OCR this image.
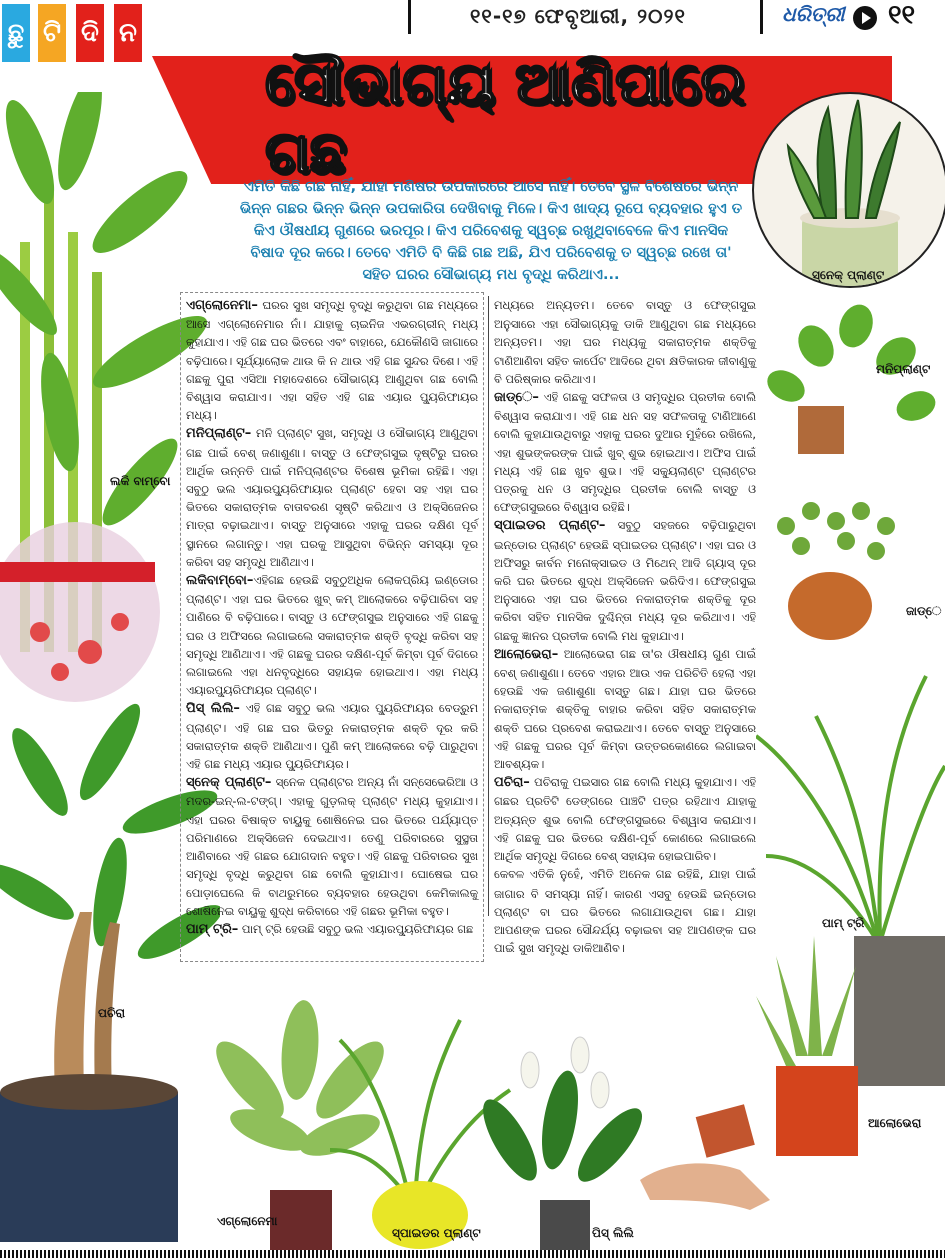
ଛୁ ଟି ଦି ନ
୧୧-୧୭ ଫେବୃଆରୀ, ୨୦୨୧	ଧରିତ୍ରୀ ୧୧
ସୌଭାଗ୍ୟ ଆଣିପାରେ ଗଛ
ସ୍ନେକ୍ ପ୍ଲାଣ୍ଟ
ଏମିତି କିଛି ଗଛ ନାହିଁ, ଯାହା ମଣିଷର ଉପକାରରେ ଆସେ ନାହିଁ। ତେବେ ସ୍ଥଳ ବିଶେଷରେ ଭିନ୍ନ ଭିନ୍ନ ଗଛର ଭିନ୍ନ ଭିନ୍ନ ଉପକାରିତା ଦେଖିବାକୁ ମିଳେ। କିଏ ଖାଦ୍ୟ ରୂପେ ବ୍ୟବହାର ହୁଏ ତ କିଏ ଔଷଧୀୟ ଗୁଣରେ ଭରପୂର। କିଏ ପରିବେଶକୁ ସ୍ୱଚ୍ଛ ରଖୁଥିବାବେଳେ କିଏ ମାନସିକ ବିଷାଦ ଦୂର କରେ। ତେବେ ଏମିତି ବି କିଛି ଗଛ ଅଛି, ଯିଏ ପରିବେଶକୁ ତ ସ୍ୱଚ୍ଛ ରଖେ ତା' ସହିତ ଘରର ସୌଭାଗ୍ୟ ମଧ ବୃଦ୍ଧି କରିଥାଏ...
ଲକି ବାମ୍ବୋ
ପଚିରା
ମନିପ୍ଲାଣ୍ଟ
ଜାଡ୍େ
ପାମ୍ ଟ୍ରି
ଆଲୋଭେରା
ଏଗ୍ଲୋନେମା
ସ୍ପାଇଡର ପ୍ଲାଣ୍ଟ	ପିସ୍ ଲିଲି

ଏଗ୍ଲୋନେମା– ଘରର ସୁଖ ସମୃଦ୍ଧି ବୃଦ୍ଧି କରୁଥିବା ଗଛ ମଧ୍ୟରେ ଆସେ ଏଗ୍ଲୋନେମାର ନାଁ। ଯାହାକୁ ଚାଇନିଜ ଏଭରଗ୍ରୀନ୍ ମଧ୍ୟ କୁହାଯାଏ। ଏହି ଗଛ ଘର ଭିତରେ ଏବଂ ବାହାରେ, ଯେକୌଣସି ଜାଗାରେ ବଢ଼ିପାରେ। ସୂର୍ଯ୍ୟାଲୋକ ଥାଉ କି ନ ଥାଉ ଏହି ଗଛ ସୁନ୍ଦର ଦିଶେ। ଏହି ଗଛକୁ ପୁରା ଏସିଆ ମହାଦେଶରେ ସୌଭାଗ୍ୟ ଆଣୁଥିବା ଗଛ ବୋଲି ବିଶ୍ୱାସ କରାଯାଏ। ଏହା ସହିତ ଏହି ଗଛ ଏୟାର ପ୍ୟୁରିଫାୟର ମଧ୍ୟ।

ମନିପ୍ଲାଣ୍ଟ– ମନି ପ୍ଲାଣ୍ଟ ସୁଖ, ସମୃଦ୍ଧି ଓ ସୌଭାଗ୍ୟ ଆଣୁଥିବା ଗଛ ପାଇଁ ବେଶ୍ ଜଣାଶୁଣା। ବାସ୍ତୁ ଓ ଫେଙ୍ଗସୁଇ ଦୃଷ୍ଟିରୁ ଘରର ଆର୍ଥିକ ଉନ୍ନତି ପାଇଁ ମନିପ୍ଲାଣ୍ଟର ବିଶେଷ ଭୂମିକା ରହିଛି। ଏହା ସବୁଠୁ ଭଲ ଏୟାରପ୍ୟୁରିଫାୟାର ପ୍ଲାଣ୍ଟ ହେବା ସହ ଏହା ଘର ଭିତରେ ସକାରାତ୍ମକ ବାତାବରଣ ସୃଷ୍ଟି କରିଥାଏ ଓ ଅକ୍ସିଜେନର ମାତ୍ରା ବଢ଼ାଇଥାଏ। ବାସ୍ତୁ ଅନୁସାରେ ଏହାକୁ ଘରର ଦକ୍ଷିଣ ପୂର୍ବ ସ୍ଥାନରେ ଲଗାନ୍ତୁ। ଏହା ଘରକୁ ଆସୁଥିବା ବିଭିନ୍ନ ସମସ୍ୟା ଦୂର କରିବା ସହ ସମୃଦ୍ଧି ଆଣିଥାଏ।

ଲକିବାମ୍ବୋ–ଏହିଗଛ ହେଉଛି ସବୁଠୁଅଧିକ ଲୋକପ୍ରିୟ ଇଣ୍ଡୋର ପ୍ଲାଣ୍ଟ। ଏହା ଘର ଭିତରେ ଖୁବ୍ କମ୍ ଆଲୋକରେ ବଢ଼ିପାରିବା ସହ ପାଣିରେ ବି ବଢ଼ିପାରେ। ବାସ୍ତୁ ଓ ଫେଙ୍ଗସୁଇ ଅନୁସାରେ ଏହି ଗଛକୁ ଘର ଓ ଅଫିସରେ ଲଗାଇଲେ ସକାରାତ୍ମକ ଶକ୍ତି ବୃଦ୍ଧି କରିବା ସହ ସମୃଦ୍ଧି ଆଣିଥାଏ। ଏହି ଗଛକୁ ଘରର ଦକ୍ଷିଣ-ପୂର୍ବ କିମ୍ବା ପୂର୍ବ ଦିଗରେ ଲଗାଇଲେ ଏହା ଧନବୃଦ୍ଧିରେ ସହାୟକ ହୋଇଥାଏ। ଏହା ମଧ୍ୟ ଏୟାରପ୍ୟୁରିଫାୟର ପ୍ଲାଣ୍ଟ।

ପିସ୍ ଲିଲି– ଏହି ଗଛ ସବୁଠୁ ଭଲ ଏୟାର ପ୍ୟୁରିଫାୟର ବେଡ୍ରୁମ ପ୍ଲାଣ୍ଟ। ଏହି ଗଛ ଘର ଭିତରୁ ନକାରାତ୍ମକ ଶକ୍ତି ଦୂର କରି ସକାରାତ୍ମକ ଶକ୍ତି ଆଣିଥାଏ। ପୁଣି କମ୍ ଆଲୋକରେ ବଢ଼ି ପାରୁଥିବା ଏହି ଗଛ ମଧ୍ୟ ଏୟାର ପ୍ୟୁରିଫାୟର।

ସ୍ନେକ୍ ପ୍ଲାଣ୍ଟ– ସ୍ନେକ ପ୍ଲାଣ୍ଟର ଅନ୍ୟ ନାଁ ସନ୍‌ସେଭେରିଆ ଓ ମଦର-ଇନ୍-ଲ-ଟଙ୍ଗ୍। ଏହାକୁ ଗୁଡ଼ଲକ୍ ପ୍ଲାଣ୍ଟ ମଧ୍ୟ କୁହାଯାଏ। ଏହା ଘରର ବିଷାକ୍ତ ବାୟୁକୁ ଶୋଷିନେଇ ଘର ଭିତରେ ପର୍ଯ୍ୟାପ୍ତ ପରିମାଣରେ ଅକ୍ସିଜେନ ଦେଇଥାଏ। ତେଣୁ ପରିବାରରେ ସୁସ୍ଥତା ଆଣିବାରେ ଏହି ଗଛର ଯୋଗଦାନ ବହୁତ। ଏହି ଗଛକୁ ପରିବାରର ସୁଖ ସମୃଦ୍ଧି ବୃଦ୍ଧି କରୁଥିବା ଗଛ ବୋଲି କୁହାଯାଏ। ଘୋଷେଇ ଘର ପୋଡ଼ାଘେଲେ କି ବାଥରୁମରେ ବ୍ୟବହାର ହେଉଥିବା କେମିକାଲକୁ ଶୋଷିନେଇ ବାୟୁକୁ ଶୁଦ୍ଧ କରିବାରେ ଏହି ଗଛର ଭୂମିକା ବହୁତ।

ପାମ୍ ଟ୍ରି– ପାମ୍ ଟ୍ରି ହେଉଛି ସବୁଠୁ ଭଲ ଏୟାରପ୍ୟୁରିଫାୟର ଗଛ

ମଧ୍ୟରେ ଅନ୍ୟତମ। ତେବେ ବାସ୍ତୁ ଓ ଫେଙ୍ଗସୁଇ ଅନୁସାରେ ଏହା ସୌଭାଗ୍ୟକୁ ଡାକି ଆଣୁଥିବା ଗଛ ମଧ୍ୟରେ ଅନ୍ୟତମ। ଏହା ଘର ମଧ୍ୟକୁ ସକାରାତ୍ମକ ଶକ୍ତିକୁ ଟାଣିଆଣିବା ସହିତ କାର୍ପେଟ ଆଦିରେ ଥିବା କ୍ଷତିକାରକ ଜୀବାଣୁକୁ ବି ପରିଷ୍କାର କରିଥାଏ।

ଜାଡ୍େ– ଏହି ଗଛକୁ ସଫଳତା ଓ ସମୃଦ୍ଧିର ପ୍ରତୀକ ବୋଲି ବିଶ୍ୱାସ କରାଯାଏ। ଏହି ଗଛ ଧନ ସହ ସଫଳତାକୁ ଟାଣିଆଣେ ବୋଲି କୁହାଯାଉଥିବାରୁ ଏହାକୁ ଘରର ଦୁଆର ମୁହଁରେ ରଖିଲେ, ଏହା ଶୁଭଙ୍କରଙ୍କ ପାଇଁ ଖୁବ୍ ଶୁଭ ହୋଇଥାଏ। ଅଫିସ ପାଇଁ ମଧ୍ୟ ଏହି ଗଛ ଖୁବ ଶୁଭ। ଏହି ସକ୍ୟୁଲାଣ୍ଟ ପ୍ଲାଣ୍ଟର ପତ୍ରକୁ ଧନ ଓ ସମୃଦ୍ଧିର ପ୍ରତୀକ ବୋଲି ବାସ୍ତୁ ଓ ଫେଙ୍ଗସୁଇରେ ବିଶ୍ୱାସ ରହିଛି।

ସ୍ପାଇଡର ପ୍ଲାଣ୍ଟ– ସବୁଠୁ ସହଜରେ ବଢ଼ିପାରୁଥିବା ଇନ୍‌ଡୋର ପ୍ଲାଣ୍ଟ ହେଉଛି ସ୍ପାଇଡର ପ୍ଲାଣ୍ଟ। ଏହା ଘର ଓ ଅଫିସରୁ କାର୍ବନ ମନୋକ୍ସାଇଡ ଓ ମିଥେନ୍ ଆଦି ଗ୍ୟାସ୍ ଦୂର କରି ଘର ଭିତରେ ଶୁଦ୍ଧ ଅକ୍ସିଜେନ ଭରିଦିଏ। ଫେଙ୍ଗସୁଇ ଅନୁସାରେ ଏହା ଘର ଭିତରେ ନକାରାତ୍ମକ ଶକ୍ତିକୁ ଦୂର କରିବା ସହିତ ମାନସିକ ଦୁଶ୍ଚିନ୍ତା ମଧ୍ୟ ଦୂର କରିଥାଏ। ଏହି ଗଛକୁ ଜ୍ଞାନର ପ୍ରତୀକ ବୋଲି ମଧ କୁହାଯାଏ।

ଆଲୋଭେରା– ଆଲୋଭେରା ଗଛ ତା'ର ଔଷଧୀୟ ଗୁଣ ପାଇଁ ବେଶ୍ ଜଣାଶୁଣା। ତେବେ ଏହାର ଆଉ ଏକ ପରିଚିତି ହେଲା ଏହା ହେଉଛି ଏକ ଜଣାଶୁଣା ବାସ୍ତୁ ଗଛ। ଯାହା ଘର ଭିତରେ ନକାରାତ୍ମକ ଶକ୍ତିକୁ ବାହାର କରିବା ସହିତ ସକାରାତ୍ମକ ଶକ୍ତି ଘରେ ପ୍ରବେଶ କରାଇଥାଏ। ତେବେ ବାସ୍ତୁ ଅନୁସାରେ ଏହି ଗଛକୁ ଘରର ପୂର୍ବ କିମ୍ବା ଉତ୍ତରକୋଣରେ ଲଗାଇବା ଆବଶ୍ୟକ।

ପଚିରା– ପଚିରାକୁ ପଇସାର ଗଛ ବୋଲି ମଧ୍ୟ କୁହାଯାଏ। ଏହି ଗଛର ପ୍ରତିଟି ଡେଙ୍ଗରେ ପାଞ୍ଚଟି ପତ୍ର ରହିଥାଏ ଯାହାକୁ ଅତ୍ୟନ୍ତ ଶୁଭ ବୋଲି ଫେଙ୍ଗସୁଇରେ ବିଶ୍ୱାସ କରାଯାଏ। ଏହି ଗଛକୁ ଘର ଭିତରେ ଦକ୍ଷିଣ-ପୂର୍ବ କୋଣରେ ଲଗାଇଲେ ଆର୍ଥିକ ସମୃଦ୍ଧି ଦିଗରେ ବେଶ୍ ସହାୟକ ହୋଇପାରିବ।

କେବଳ ଏତିକି ନୁହେଁ, ଏମିତି ଅନେକ ଗଛ ରହିଛି, ଯାହା ପାଇଁ ଜାଗାର ବି ସମସ୍ୟା ନାହିଁ। କାରଣ ଏସବୁ ହେଉଛି ଇନ୍‌ଡୋର ପ୍ଲାଣ୍ଟ ବା ଘର ଭିତରେ ଲଗାଯାଉଥିବା ଗଛ। ଯାହା ଆପଣଙ୍କ ଘରର ସୌନ୍ଦର୍ଯ୍ୟ ବଢ଼ାଇବା ସହ ଆପଣଙ୍କ ଘର ପାଇଁ ସୁଖ ସମୃଦ୍ଧି ଡାକିଆଣିବ।
